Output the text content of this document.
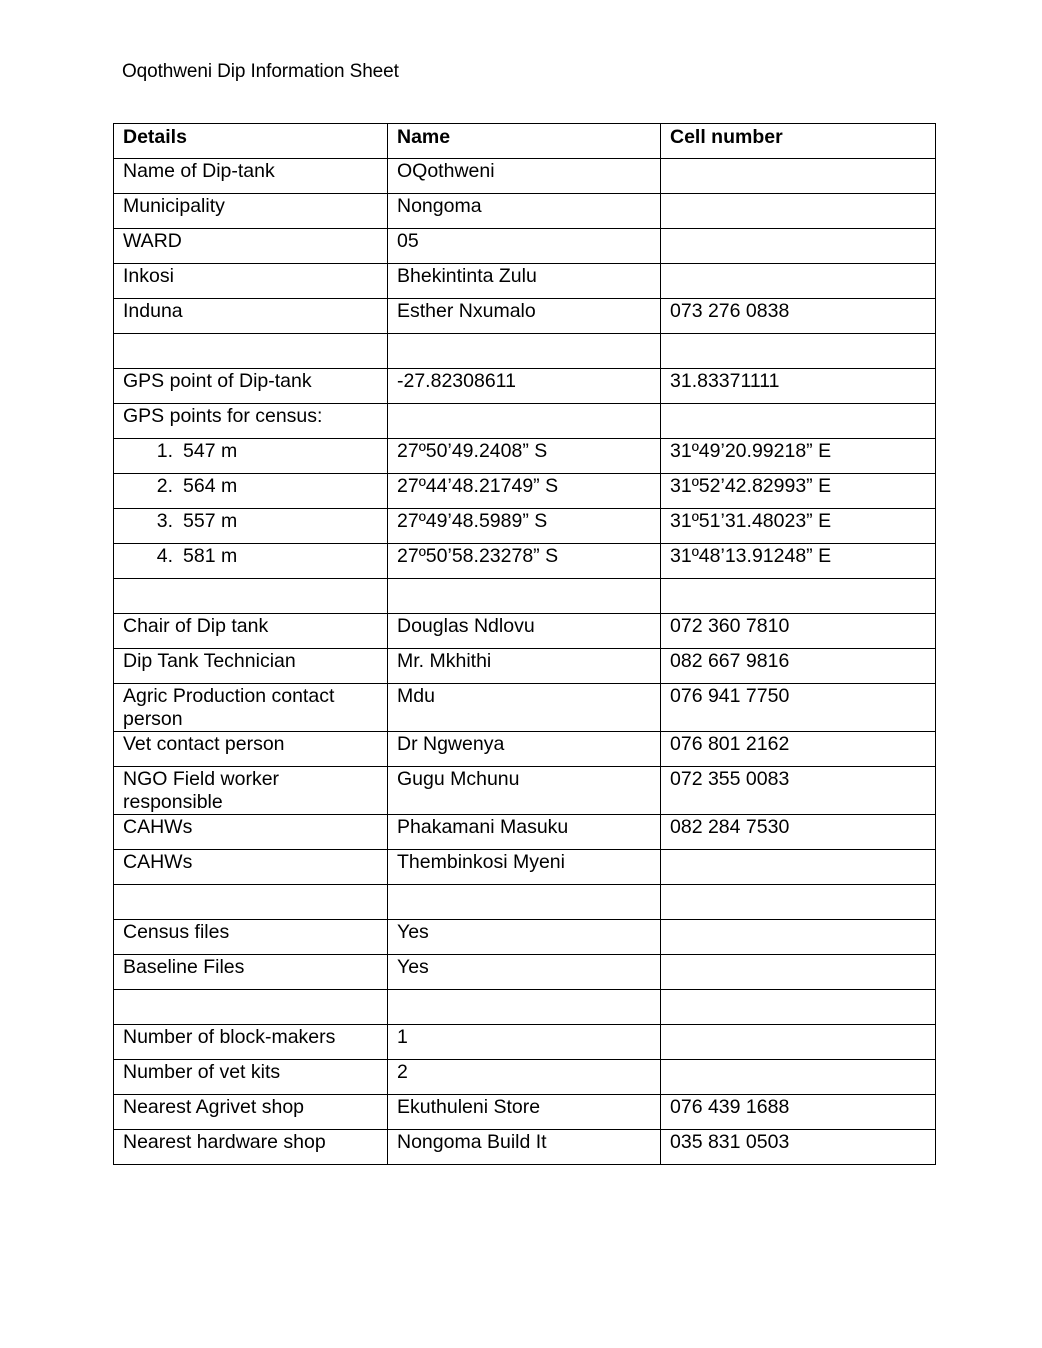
Oqothweni Dip Information Sheet
Details	Name	Cell number
Name of Dip-tank	OQothweni	
Municipality	Nongoma	
WARD	05	
Inkosi	Bhekintinta Zulu	
Induna	Esther Nxumalo	073 276 0838

GPS point of Dip-tank	-27.82308611	31.83371111
GPS points for census:		
1. 547 m	27º50’49.2408” S	31º49’20.99218” E
2. 564 m	27º44’48.21749” S	31º52’42.82993” E
3. 557 m	27º49’48.5989” S	31º51’31.48023” E
4. 581 m	27º50’58.23278” S	31º48’13.91248” E

Chair of Dip tank	Douglas Ndlovu	072 360 7810
Dip Tank Technician	Mr. Mkhithi	082 667 9816
Agric Production contact person	Mdu	076 941 7750
Vet contact person	Dr Ngwenya	076 801 2162
NGO Field worker responsible	Gugu Mchunu	072 355 0083
CAHWs	Phakamani Masuku	082 284 7530
CAHWs	Thembinkosi Myeni	

Census files	Yes	
Baseline Files	Yes	

Number of block-makers	1	
Number of vet kits	2	
Nearest Agrivet shop	Ekuthuleni Store	076 439 1688
Nearest hardware shop	Nongoma Build It	035 831 0503
